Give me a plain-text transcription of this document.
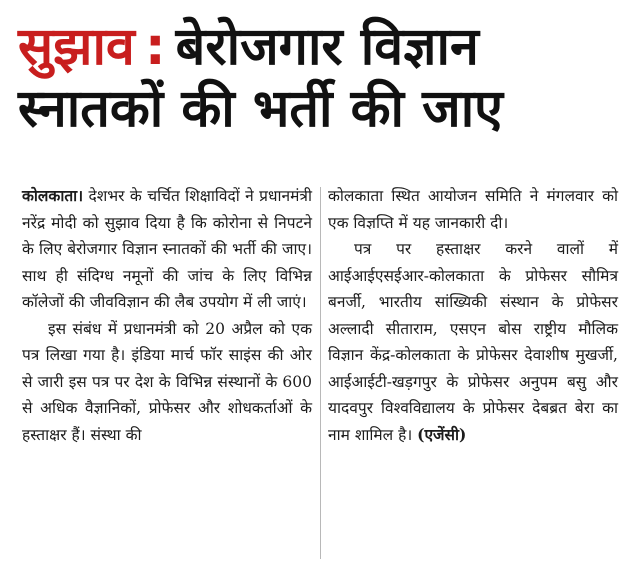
सुझाव : बेरोजगार विज्ञान
स्नातकों की भर्ती की जाए

कोलकाता। देशभर के चर्चित शिक्षाविदों ने प्रधानमंत्री नरेंद्र मोदी को सुझाव दिया है कि कोरोना से निपटने के लिए बेरोजगार विज्ञान स्नातकों की भर्ती की जाए। साथ ही संदिग्ध नमूनों की जांच के लिए विभिन्न कॉलेजों की जीवविज्ञान की लैब उपयोग में ली जाएं।

इस संबंध में प्रधानमंत्री को 20 अप्रैल को एक पत्र लिखा गया है। इंडिया मार्च फॉर साइंस की ओर से जारी इस पत्र पर देश के विभिन्न संस्थानों के 600 से अधिक वैज्ञानिकों, प्रोफेसर और शोधकर्ताओं के हस्ताक्षर हैं। संस्था की

कोलकाता स्थित आयोजन समिति ने मंगलवार को एक विज्ञप्ति में यह जानकारी दी।

पत्र पर हस्ताक्षर करने वालों में आईआईएसईआर-कोलकाता के प्रोफेसर सौमित्र बनर्जी, भारतीय सांख्यिकी संस्थान के प्रोफेसर अल्लादी सीताराम, एसएन बोस राष्ट्रीय मौलिक विज्ञान केंद्र-कोलकाता के प्रोफेसर देवाशीष मुखर्जी, आईआईटी-खड़गपुर के प्रोफेसर अनुपम बसु और यादवपुर विश्वविद्यालय के प्रोफेसर देबब्रत बेरा का नाम शामिल है। (एजेंसी)
